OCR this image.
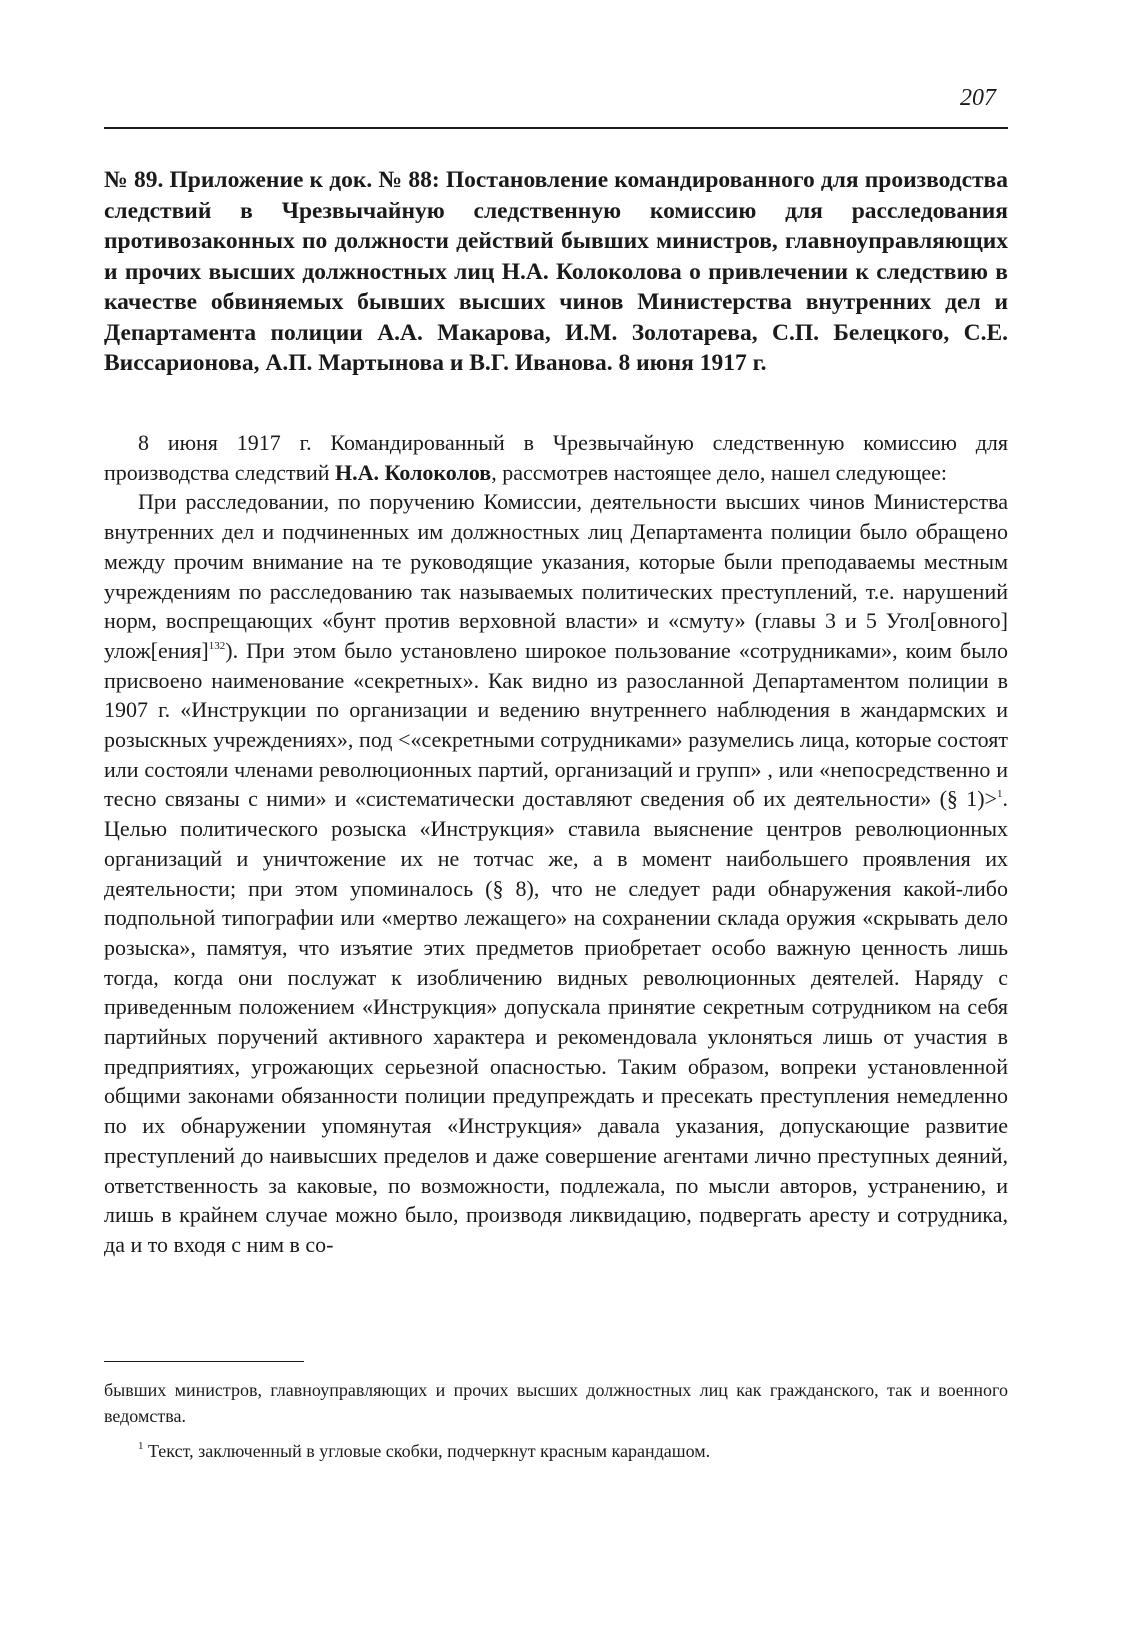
207
№ 89. Приложение к док. № 88: Постановление командированного для производства следствий в Чрезвычайную следственную комиссию для расследования противозаконных по должности действий бывших министров, главноуправляющих и прочих высших должностных лиц Н.А. Колоколова о привлечении к следствию в качестве обвиняемых бывших высших чинов Министерства внутренних дел и Департамента полиции А.А. Макарова, И.М. Золотарева, С.П. Белецкого, С.Е. Виссарионова, А.П. Мартынова и В.Г. Иванова. 8 июня 1917 г.

8 июня 1917 г. Командированный в Чрезвычайную следственную комиссию для производства следствий Н.А. Колоколов, рассмотрев настоящее дело, нашел следующее:

При расследовании, по поручению Комиссии, деятельности высших чинов Министерства внутренних дел и подчиненных им должностных лиц Департамента полиции было обращено между прочим внимание на те руководящие указания, которые были преподаваемы местным учреждениям по расследованию так называемых политических преступлений, т.е. нарушений норм, воспрещающих «бунт против верховной власти» и «смуту» (главы 3 и 5 Угол[овного] улож[ения]$^{132}$). При этом было установлено широкое пользование «сотрудниками», коим было присвоено наименование «секретных». Как видно из разосланной Департаментом полиции в 1907 г. «Инструкции по организации и ведению внутреннего наблюдения в жандармских и розыскных учреждениях», под <«секретными сотрудниками» разумелись лица, которые состоят или состояли членами революционных партий, организаций и групп» , или «непосредственно и тесно связаны с ними» и «систематически доставляют сведения об их деятельности» (§ 1)>$^1$. Целью политического розыска «Инструкция» ставила выяснение центров революционных организаций и уничтожение их не тотчас же, а в момент наибольшего проявления их деятельности; при этом упоминалось (§ 8), что не следует ради обнаружения какой-либо подпольной типографии или «мертво лежащего» на сохранении склада оружия «скрывать дело розыска», памятуя, что изъятие этих предметов приобретает особо важную ценность лишь тогда, когда они послужат к изобличению видных революционных деятелей. Наряду с приведенным положением «Инструкция» допускала принятие секретным сотрудником на себя партийных поручений активного характера и рекомендовала уклоняться лишь от участия в предприятиях, угрожающих серьезной опасностью. Таким образом, вопреки установленной общими законами обязанности полиции предупреждать и пресекать преступления немедленно по их обнаружении упомянутая «Инструкция» давала указания, допускающие развитие преступлений до наивысших пределов и даже совершение агентами лично преступных деяний, ответственность за каковые, по возможности, подлежала, по мысли авторов, устранению, и лишь в крайнем случае можно было, производя ликвидацию, подвергать аресту и сотрудника, да и то входя с ним в со-

бывших министров, главноуправляющих и прочих высших должностных лиц как гражданского, так и военного ведомства.

$^1$ Текст, заключенный в угловые скобки, подчеркнут красным карандашом.
